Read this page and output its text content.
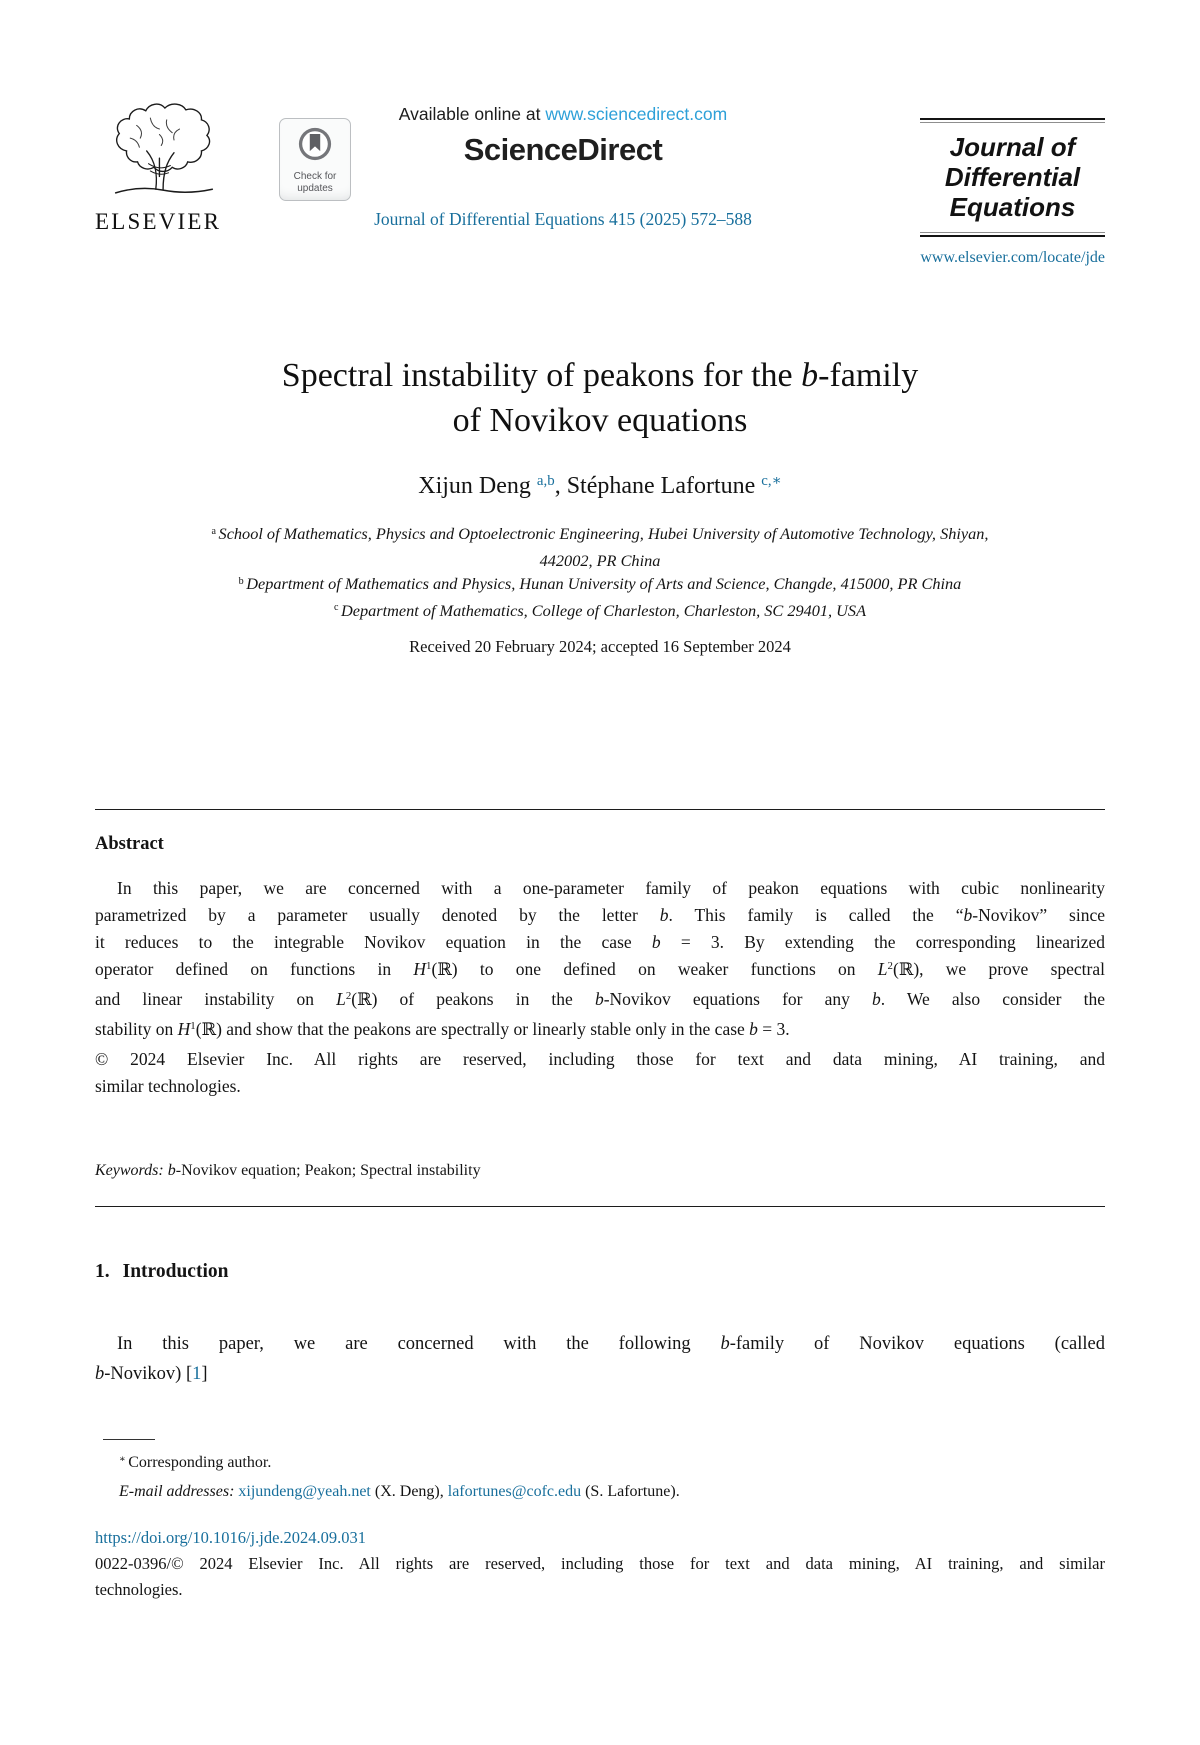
ELSEVIER
Check for
updates
Available online at www.sciencedirect.com
ScienceDirect
Journal of Differential Equations 415 (2025) 572–588
Journal of
Differential
Equations
www.elsevier.com/locate/jde
Spectral instability of peakons for the b-family
of Novikov equations
Xijun Deng $^{a,b}$, Stéphane Lafortune $^{c,∗}$
$^a$ School of Mathematics, Physics and Optoelectronic Engineering, Hubei University of Automotive Technology, Shiyan,
442002, PR China
$^b$ Department of Mathematics and Physics, Hunan University of Arts and Science, Changde, 415000, PR China
$^c$ Department of Mathematics, College of Charleston, Charleston, SC 29401, USA
Received 20 February 2024; accepted 16 September 2024
Abstract
In this paper, we are concerned with a one-parameter family of peakon equations with cubic nonlinearity
parametrized by a parameter usually denoted by the letter b. This family is called the “b-Novikov” since
it reduces to the integrable Novikov equation in the case b = 3. By extending the corresponding linearized
operator defined on functions in $H^1(ℝ)$ to one defined on weaker functions on $L^2(ℝ)$, we prove spectral
and linear instability on $L^2(ℝ)$ of peakons in the b-Novikov equations for any b. We also consider the
stability on $H^1(ℝ)$ and show that the peakons are spectrally or linearly stable only in the case b = 3.
© 2024 Elsevier Inc. All rights are reserved, including those for text and data mining, AI training, and
similar technologies.
Keywords: b-Novikov equation; Peakon; Spectral instability
1. Introduction
In this paper, we are concerned with the following b-family of Novikov equations (called
b-Novikov) [1]
∗ Corresponding author.
E-mail addresses: xijundeng@yeah.net (X. Deng), lafortunes@cofc.edu (S. Lafortune).
https://doi.org/10.1016/j.jde.2024.09.031
0022-0396/© 2024 Elsevier Inc. All rights are reserved, including those for text and data mining, AI training, and similar
technologies.
